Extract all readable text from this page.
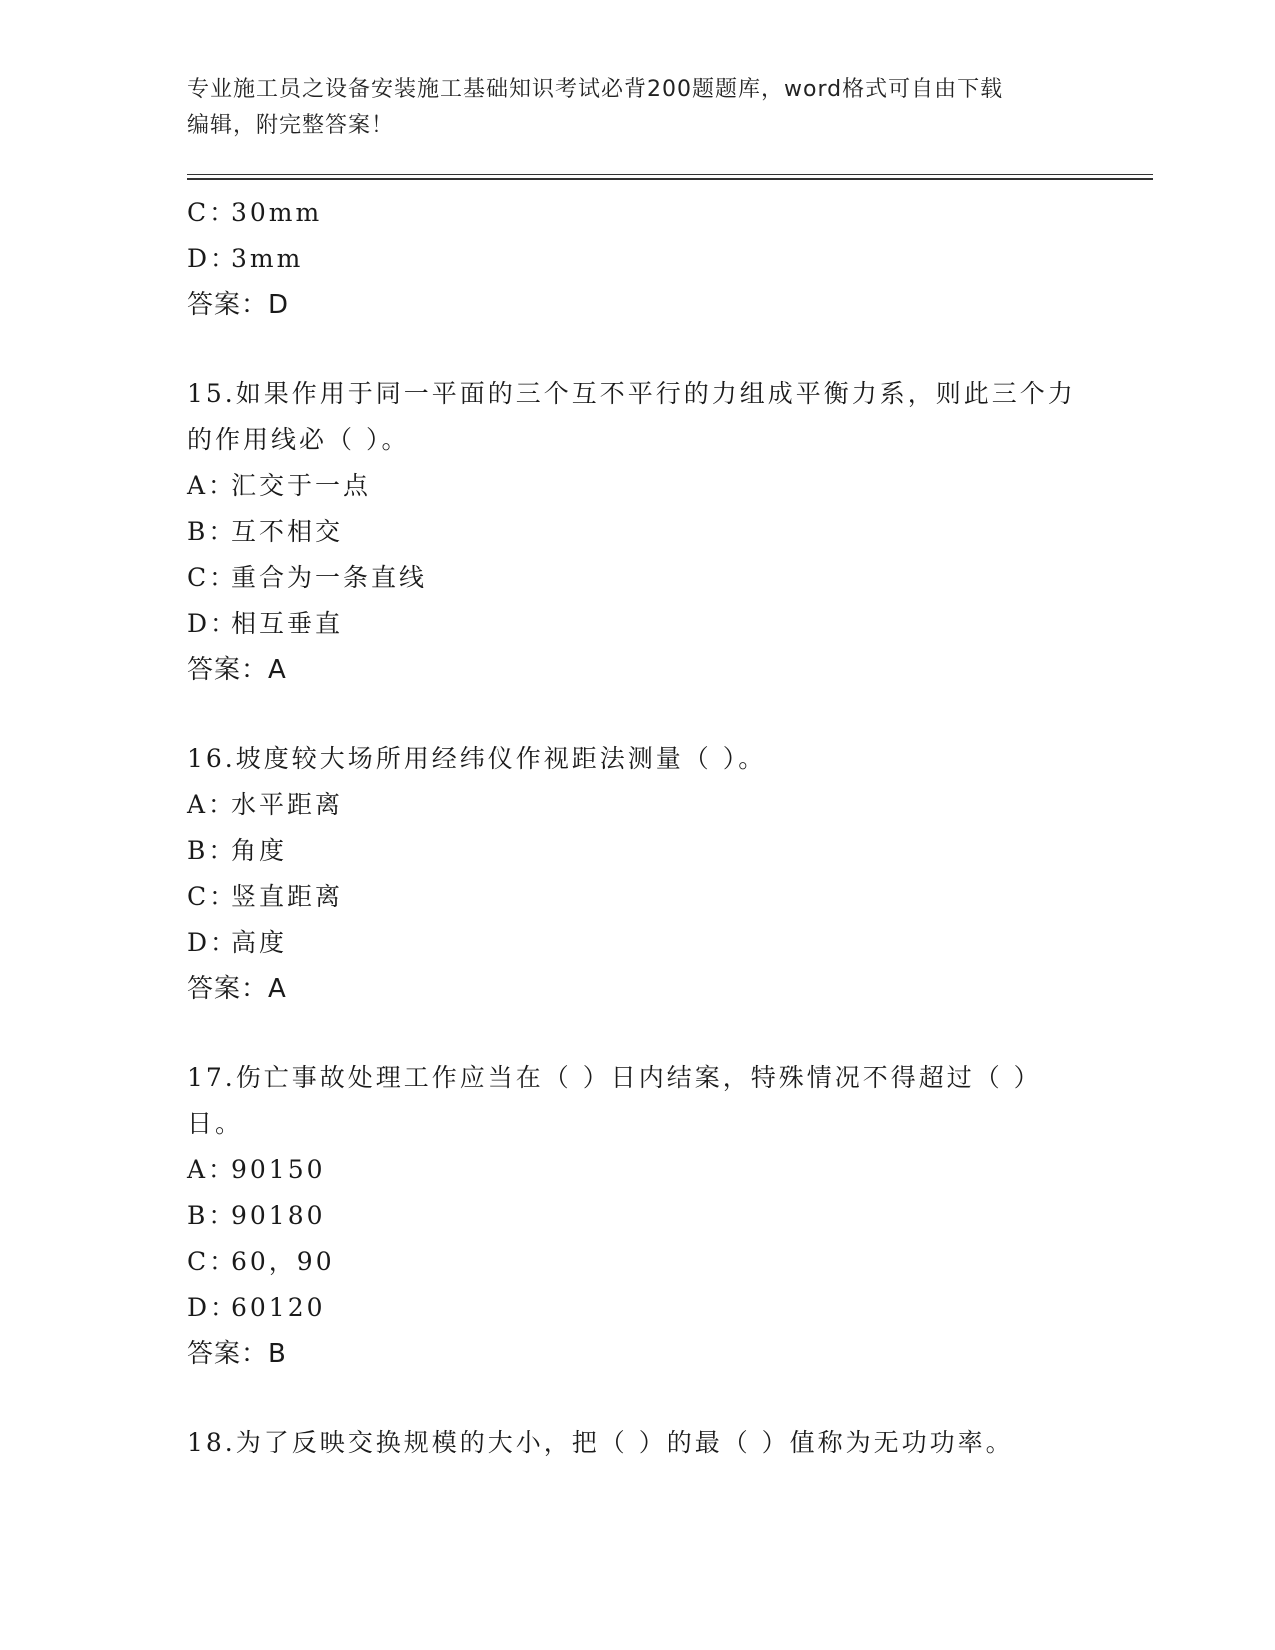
专业施工员之设备安装施工基础知识考试必背200题题库，word格式可自由下载
编辑，附完整答案！
C：30mm
D：3mm
答案：D
15.如果作用于同一平面的三个互不平行的力组成平衡力系，则此三个力的作用线必（ ）。
A：汇交于一点
B：互不相交
C：重合为一条直线
D：相互垂直
答案：A
16.坡度较大场所用经纬仪作视距法测量（ ）。
A：水平距离
B：角度
C：竖直距离
D：高度
答案：A
17.伤亡事故处理工作应当在（ ）日内结案，特殊情况不得超过（ ）日。
A：90150
B：90180
C：60，90
D：60120
答案：B
18.为了反映交换规模的大小，把（ ）的最（ ）值称为无功功率。
